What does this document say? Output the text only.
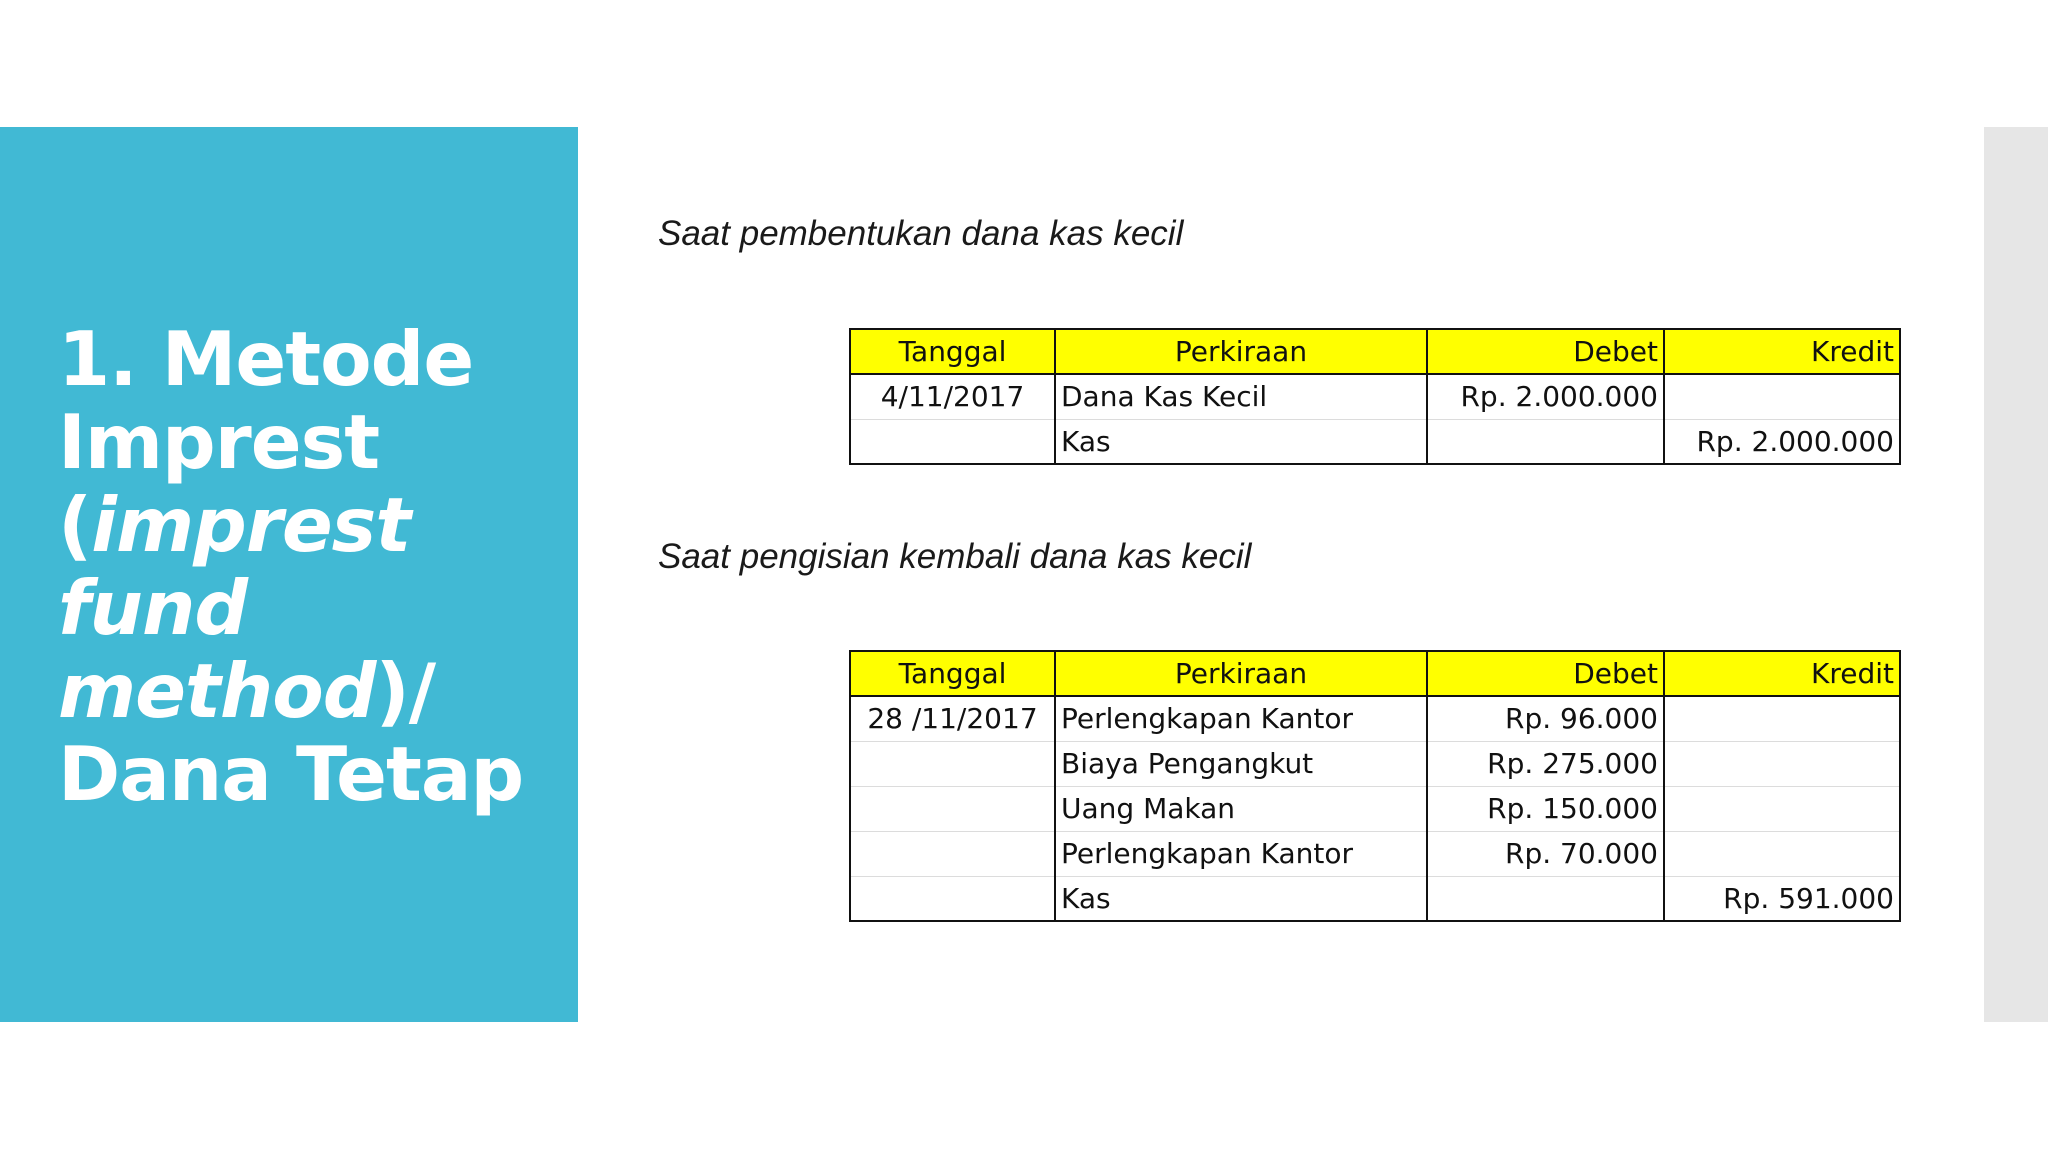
1. Metode
Imprest
(imprest
fund
method)/
Dana Tetap

Saat pembentukan dana kas kecil

Tanggal	Perkiraan	Debet	Kredit
4/11/2017	Dana Kas Kecil	Rp. 2.000.000	
	Kas		Rp. 2.000.000

Saat pengisian kembali dana kas kecil

Tanggal	Perkiraan	Debet	Kredit
28 /11/2017	Perlengkapan Kantor	Rp. 96.000	
	Biaya Pengangkut	Rp. 275.000	
	Uang Makan	Rp. 150.000	
	Perlengkapan Kantor	Rp. 70.000	
	Kas		Rp. 591.000
